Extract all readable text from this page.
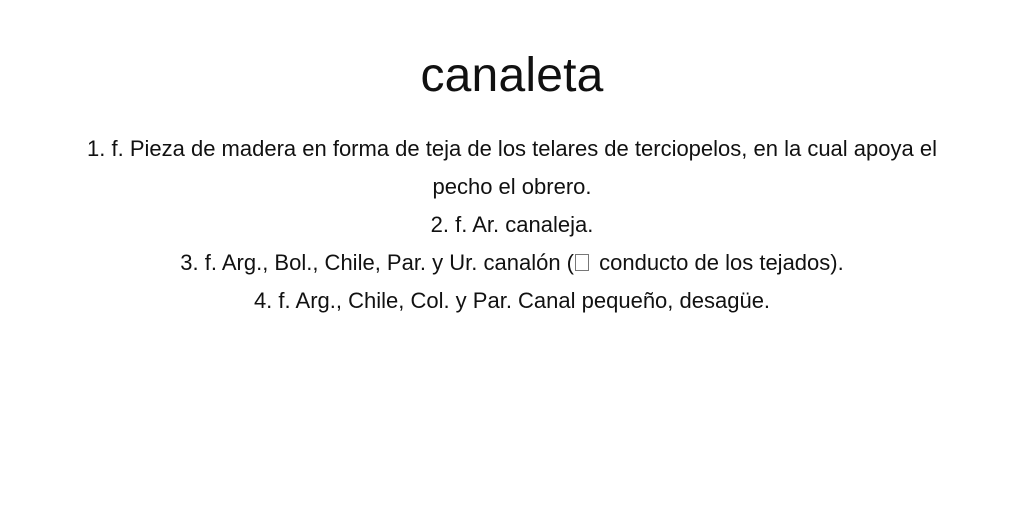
canaleta

1. f. Pieza de madera en forma de teja de los telares de terciopelos, en la cual apoya el pecho el obrero.

2. f. Ar. canaleja.

3. f. Arg., Bol., Chile, Par. y Ur. canalón ( conducto de los tejados).

4. f. Arg., Chile, Col. y Par. Canal pequeño, desagüe.
